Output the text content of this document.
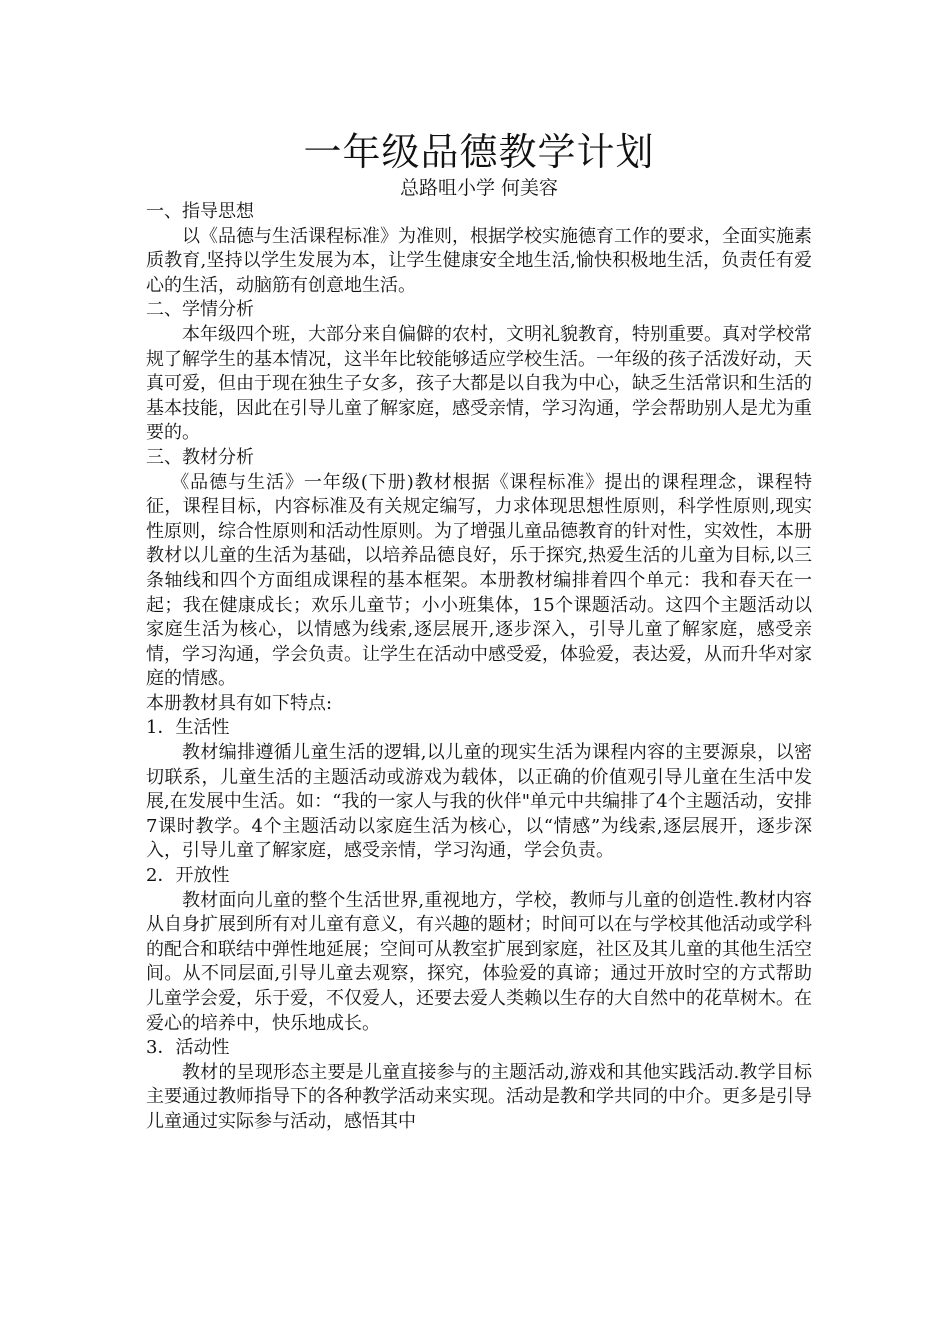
一年级品德教学计划

总路咀小学 何美容

一、指导思想

以《品德与生活课程标准》为准则，根据学校实施德育工作的要求，全面实施素质教育,坚持以学生发展为本，让学生健康安全地生活,愉快积极地生活，负责任有爱心的生活，动脑筋有创意地生活。

二、学情分析

本年级四个班，大部分来自偏僻的农村，文明礼貌教育，特别重要。真对学校常规了解学生的基本情况，这半年比较能够适应学校生活。一年级的孩子活泼好动，天真可爱，但由于现在独生子女多，孩子大都是以自我为中心，缺乏生活常识和生活的基本技能，因此在引导儿童了解家庭，感受亲情，学习沟通，学会帮助别人是尤为重要的。

三、教材分析

《品德与生活》一年级(下册)教材根据《课程标准》提出的课程理念，课程特征，课程目标，内容标准及有关规定编写，力求体现思想性原则，科学性原则,现实性原则，综合性原则和活动性原则。为了增强儿童品德教育的针对性，实效性，本册教材以儿童的生活为基础，以培养品德良好，乐于探究,热爱生活的儿童为目标,以三条轴线和四个方面组成课程的基本框架。本册教材编排着四个单元：我和春天在一起；我在健康成长；欢乐儿童节；小小班集体，15个课题活动。这四个主题活动以家庭生活为核心，以情感为线索,逐层展开,逐步深入，引导儿童了解家庭，感受亲情，学习沟通，学会负责。让学生在活动中感受爱，体验爱，表达爱，从而升华对家庭的情感。

本册教材具有如下特点:

1．生活性

教材编排遵循儿童生活的逻辑,以儿童的现实生活为课程内容的主要源泉，以密切联系，儿童生活的主题活动或游戏为载体，以正确的价值观引导儿童在生活中发展,在发展中生活。如：“我的一家人与我的伙伴"单元中共编排了4个主题活动，安排7课时教学。4个主题活动以家庭生活为核心，以“情感”为线索,逐层展开，逐步深入，引导儿童了解家庭，感受亲情，学习沟通，学会负责。

2．开放性

教材面向儿童的整个生活世界,重视地方，学校，教师与儿童的创造性.教材内容从自身扩展到所有对儿童有意义，有兴趣的题材；时间可以在与学校其他活动或学科的配合和联结中弹性地延展；空间可从教室扩展到家庭，社区及其儿童的其他生活空间。从不同层面,引导儿童去观察，探究，体验爱的真谛；通过开放时空的方式帮助儿童学会爱，乐于爱，不仅爱人，还要去爱人类赖以生存的大自然中的花草树木。在爱心的培养中，快乐地成长。

3．活动性

教材的呈现形态主要是儿童直接参与的主题活动,游戏和其他实践活动.教学目标主要通过教师指导下的各种教学活动来实现。活动是教和学共同的中介。更多是引导儿童通过实际参与活动，感悟其中
